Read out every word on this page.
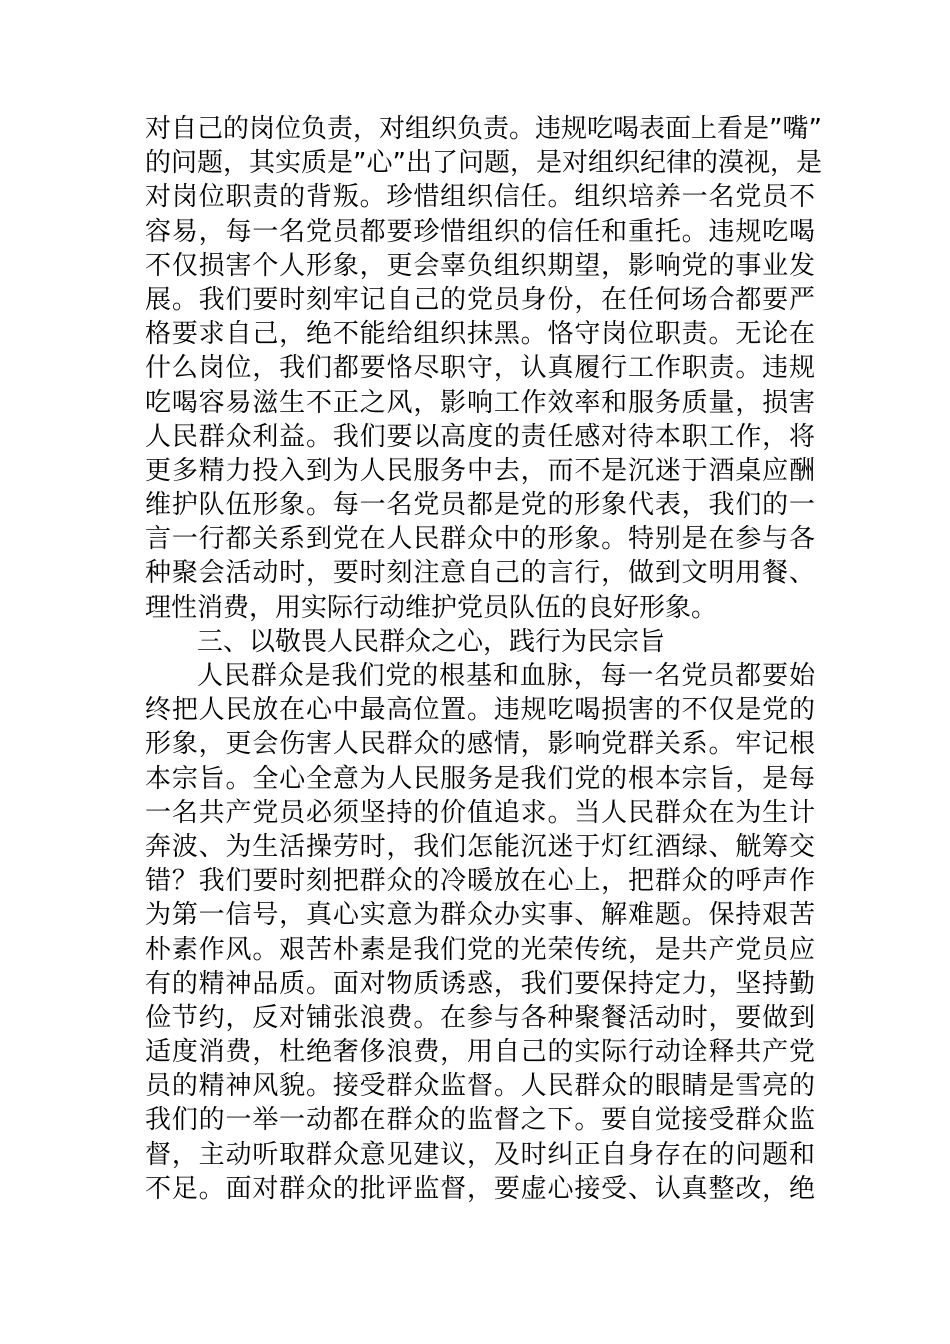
对自己的岗位负责，对组织负责。违规吃喝表面上看是”嘴”
的问题，其实质是”心”出了问题，是对组织纪律的漠视，是
对岗位职责的背叛。珍惜组织信任。组织培养一名党员不
容易，每一名党员都要珍惜组织的信任和重托。违规吃喝
不仅损害个人形象，更会辜负组织期望，影响党的事业发
展。我们要时刻牢记自己的党员身份，在任何场合都要严
格要求自己，绝不能给组织抹黑。恪守岗位职责。无论在
什么岗位，我们都要恪尽职守，认真履行工作职责。违规
吃喝容易滋生不正之风，影响工作效率和服务质量，损害
人民群众利益。我们要以高度的责任感对待本职工作，将
更多精力投入到为人民服务中去，而不是沉迷于酒桌应酬
维护队伍形象。每一名党员都是党的形象代表，我们的一
言一行都关系到党在人民群众中的形象。特别是在参与各
种聚会活动时，要时刻注意自己的言行，做到文明用餐、
理性消费，用实际行动维护党员队伍的良好形象。
三、以敬畏人民群众之心，践行为民宗旨
人民群众是我们党的根基和血脉，每一名党员都要始
终把人民放在心中最高位置。违规吃喝损害的不仅是党的
形象，更会伤害人民群众的感情，影响党群关系。牢记根
本宗旨。全心全意为人民服务是我们党的根本宗旨，是每
一名共产党员必须坚持的价值追求。当人民群众在为生计
奔波、为生活操劳时，我们怎能沉迷于灯红酒绿、觥筹交
错？我们要时刻把群众的冷暖放在心上，把群众的呼声作
为第一信号，真心实意为群众办实事、解难题。保持艰苦
朴素作风。艰苦朴素是我们党的光荣传统，是共产党员应
有的精神品质。面对物质诱惑，我们要保持定力，坚持勤
俭节约，反对铺张浪费。在参与各种聚餐活动时，要做到
适度消费，杜绝奢侈浪费，用自己的实际行动诠释共产党
员的精神风貌。接受群众监督。人民群众的眼睛是雪亮的
我们的一举一动都在群众的监督之下。要自觉接受群众监
督，主动听取群众意见建议，及时纠正自身存在的问题和
不足。面对群众的批评监督，要虚心接受、认真整改，绝
